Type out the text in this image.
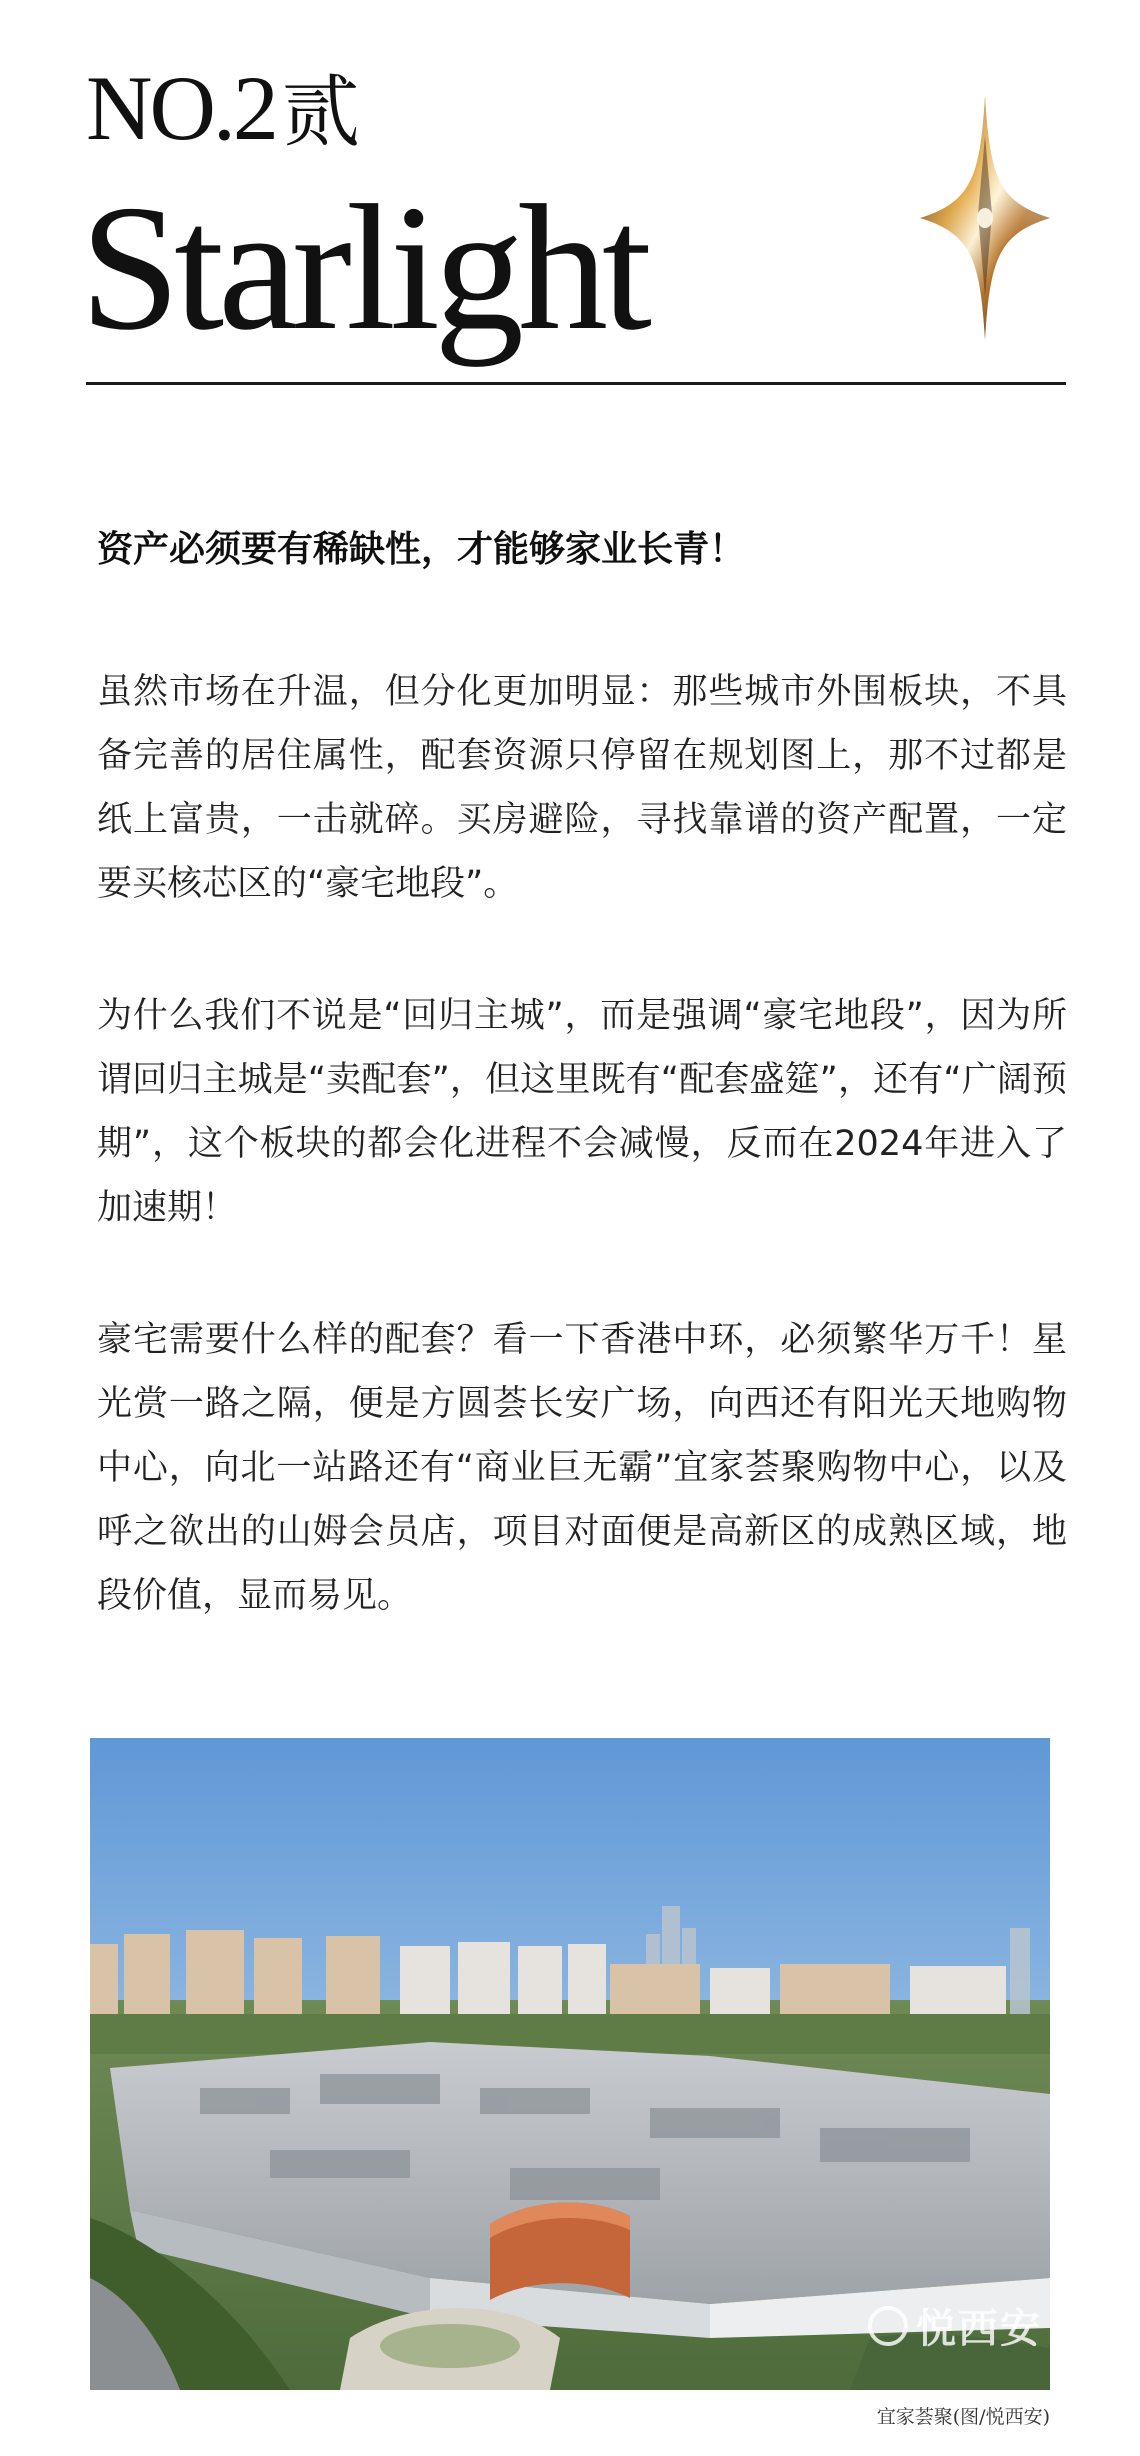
NO.2贰
Starlight

资产必须要有稀缺性，才能够家业长青！

虽然市场在升温，但分化更加明显：那些城市外围板块，不具备完善的居住属性，配套资源只停留在规划图上，那不过都是纸上富贵，一击就碎。买房避险，寻找靠谱的资产配置，一定要买核芯区的“豪宅地段”。

为什么我们不说是“回归主城”，而是强调“豪宅地段”，因为所谓回归主城是“卖配套”，但这里既有“配套盛筵”，还有“广阔预期”，这个板块的都会化进程不会减慢，反而在2024年进入了加速期！

豪宅需要什么样的配套？看一下香港中环，必须繁华万千！星光赏一路之隔，便是方圆荟长安广场，向西还有阳光天地购物中心，向北一站路还有“商业巨无霸”宜家荟聚购物中心，以及呼之欲出的山姆会员店，项目对面便是高新区的成熟区域，地段价值，显而易见。

悦西安
宜家荟聚(图/悦西安)
